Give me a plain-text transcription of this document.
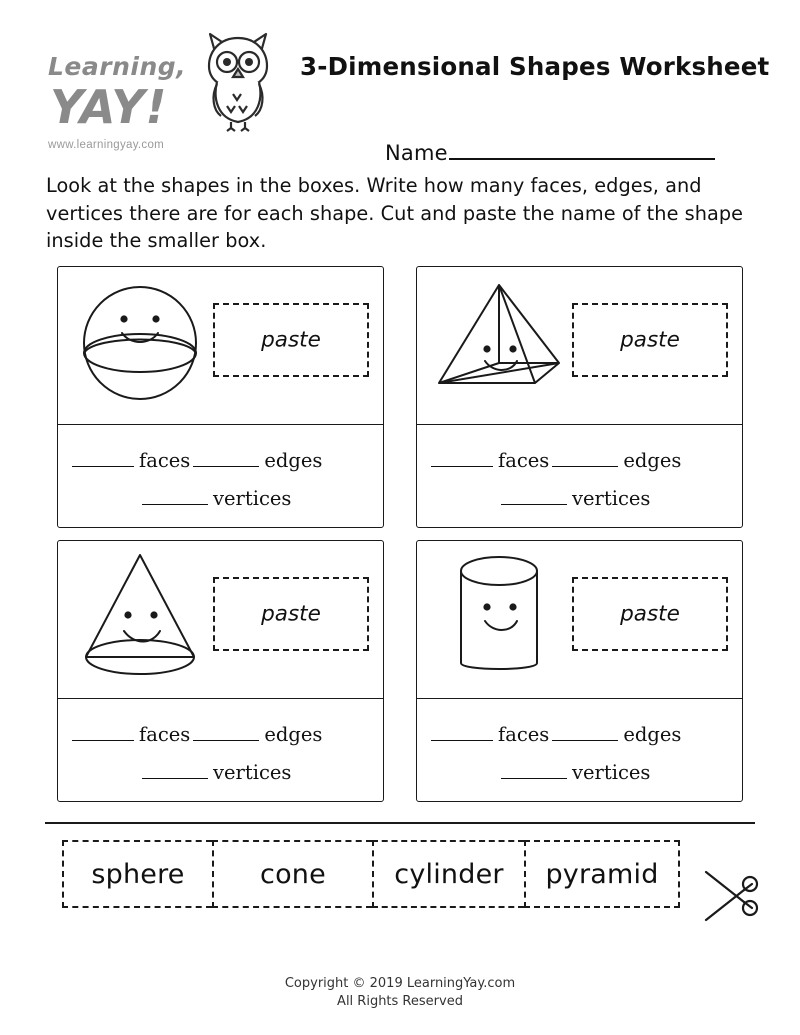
Learning,
YAY!
www.learningyay.com
3-Dimensional Shapes Worksheet
Name
Look at the shapes in the boxes. Write how many faces, edges, and vertices there are for each shape. Cut and paste the name of the shape inside the smaller box.
paste
faces	edges
vertices
paste
faces	edges
vertices
paste
faces	edges
vertices
paste
faces	edges
vertices
sphere	cone	cylinder	pyramid
Copyright © 2019 LearningYay.com
All Rights Reserved
